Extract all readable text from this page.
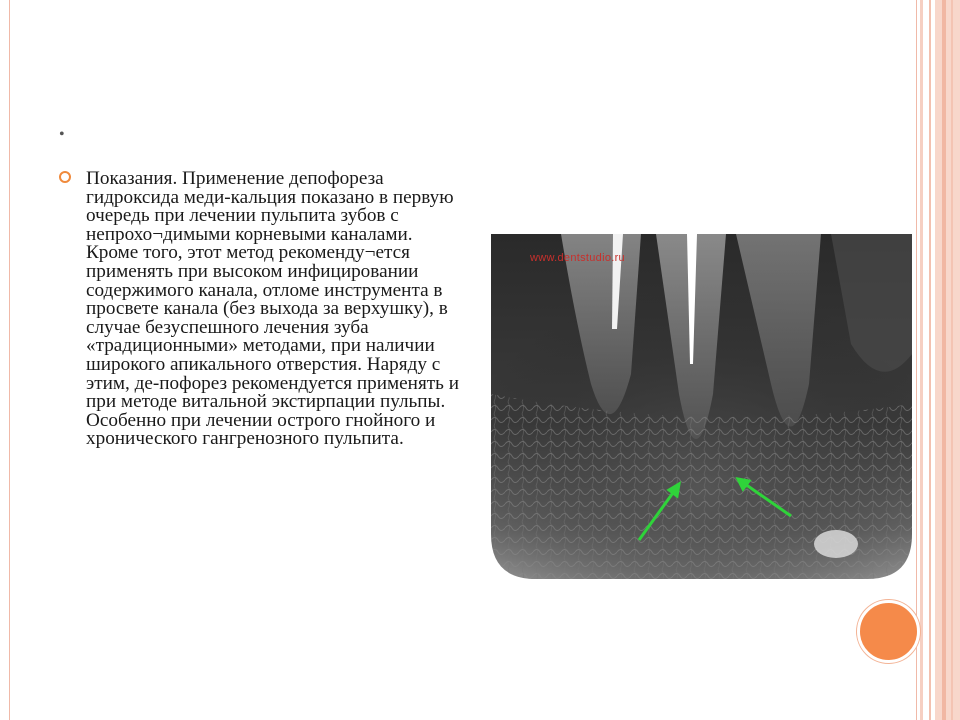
•

Показания. Применение депофореза гидроксида меди-кальция показано в первую очередь при лечении пульпита зубов с непрохо¬димыми корневыми каналами. Кроме того, этот метод рекоменду¬ется применять при высоком инфицировании содержимого канала, отломе инструмента в просвете канала (без выхода за верхушку), в случае безуспешного лечения зуба «традиционными» методами, при наличии широкого апикального отверстия. Наряду с этим, де-пофорез рекомендуется применять и при методе витальной экстирпации пульпы. Особенно при лечении острого гнойного и хронического гангренозного пульпита.

www.dentstudio.ru
